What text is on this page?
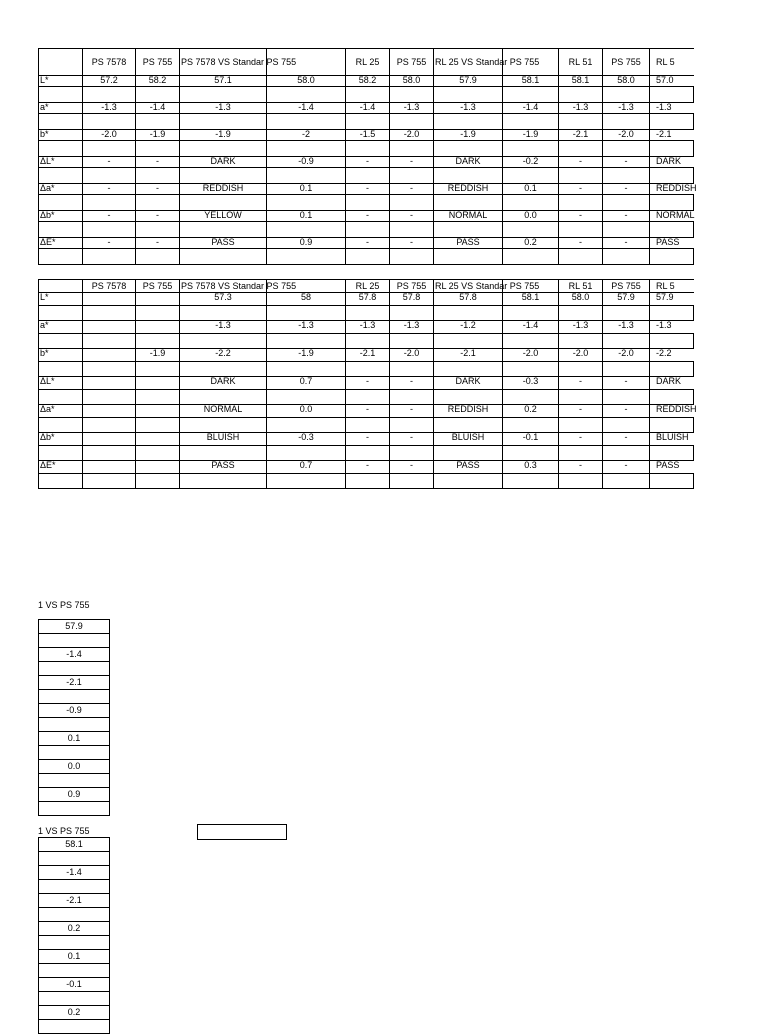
	PS 7578	PS 755	PS 7578 VS Standar PS 755		RL 25	PS 755	RL 25 VS Standar PS 755		RL 51	PS 755	RL 5
L*	57.2	58.2	57.1	58.0	58.2	58.0	57.9	58.1	58.1	58.0	57.0

a*	-1.3	-1.4	-1.3	-1.4	-1.4	-1.3	-1.3	-1.4	-1.3	-1.3	-1.3

b*	-2.0	-1.9	-1.9	-2	-1.5	-2.0	-1.9	-1.9	-2.1	-2.0	-2.1

ΔL*	-	-	DARK	-0.9	-	-	DARK	-0.2	-	-	DARK

Δa*	-	-	REDDISH	0.1	-	-	REDDISH	0.1	-	-	REDDISH

Δb*	-	-	YELLOW	0.1	-	-	NORMAL	0.0	-	-	NORMAL

ΔE*	-	-	PASS	0.9	-	-	PASS	0.2	-	-	PASS

	PS 7578	PS 755	PS 7578 VS Standar PS 755		RL 25	PS 755	RL 25 VS Standar PS 755		RL 51	PS 755	RL 5
L*			57.3	58	57.8	57.8	57.8	58.1	58.0	57.9	57.9

a*			-1.3	-1.3	-1.3	-1.3	-1.2	-1.4	-1.3	-1.3	-1.3

b*		-1.9	-2.2	-1.9	-2.1	-2.0	-2.1	-2.0	-2.0	-2.0	-2.2

ΔL*			DARK	0.7	-	-	DARK	-0.3	-	-	DARK

Δa*			NORMAL	0.0	-	-	REDDISH	0.2	-	-	REDDISH

Δb*			BLUISH	-0.3	-	-	BLUISH	-0.1	-	-	BLUISH

ΔE*			PASS	0.7	-	-	PASS	0.3	-	-	PASS

1 VS PS 755
57.9

-1.4

-2.1

-0.9

0.1

0.0

0.9

1 VS PS 755
58.1

-1.4

-2.1

0.2

0.1

-0.1

0.2
